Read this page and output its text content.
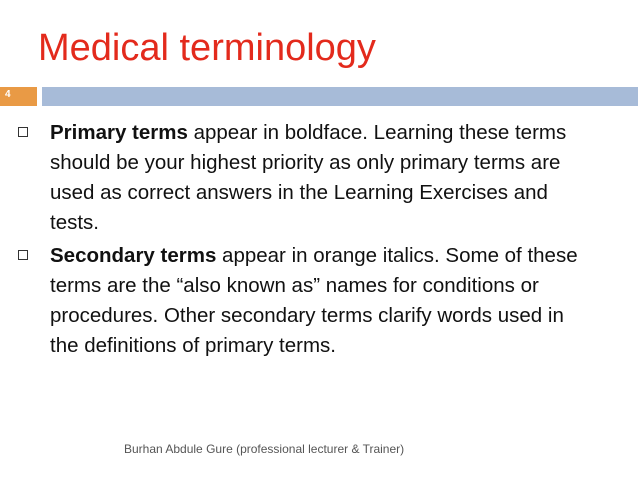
Medical terminology
4
Primary terms appear in boldface. Learning these terms should be your highest priority as only primary terms are used as correct answers in the Learning Exercises and tests.
Secondary terms appear in orange italics. Some of these terms are the “also known as” names for conditions or procedures. Other secondary terms clarify words used in the definitions of primary terms.
Burhan Abdule Gure (professional lecturer & Trainer)
